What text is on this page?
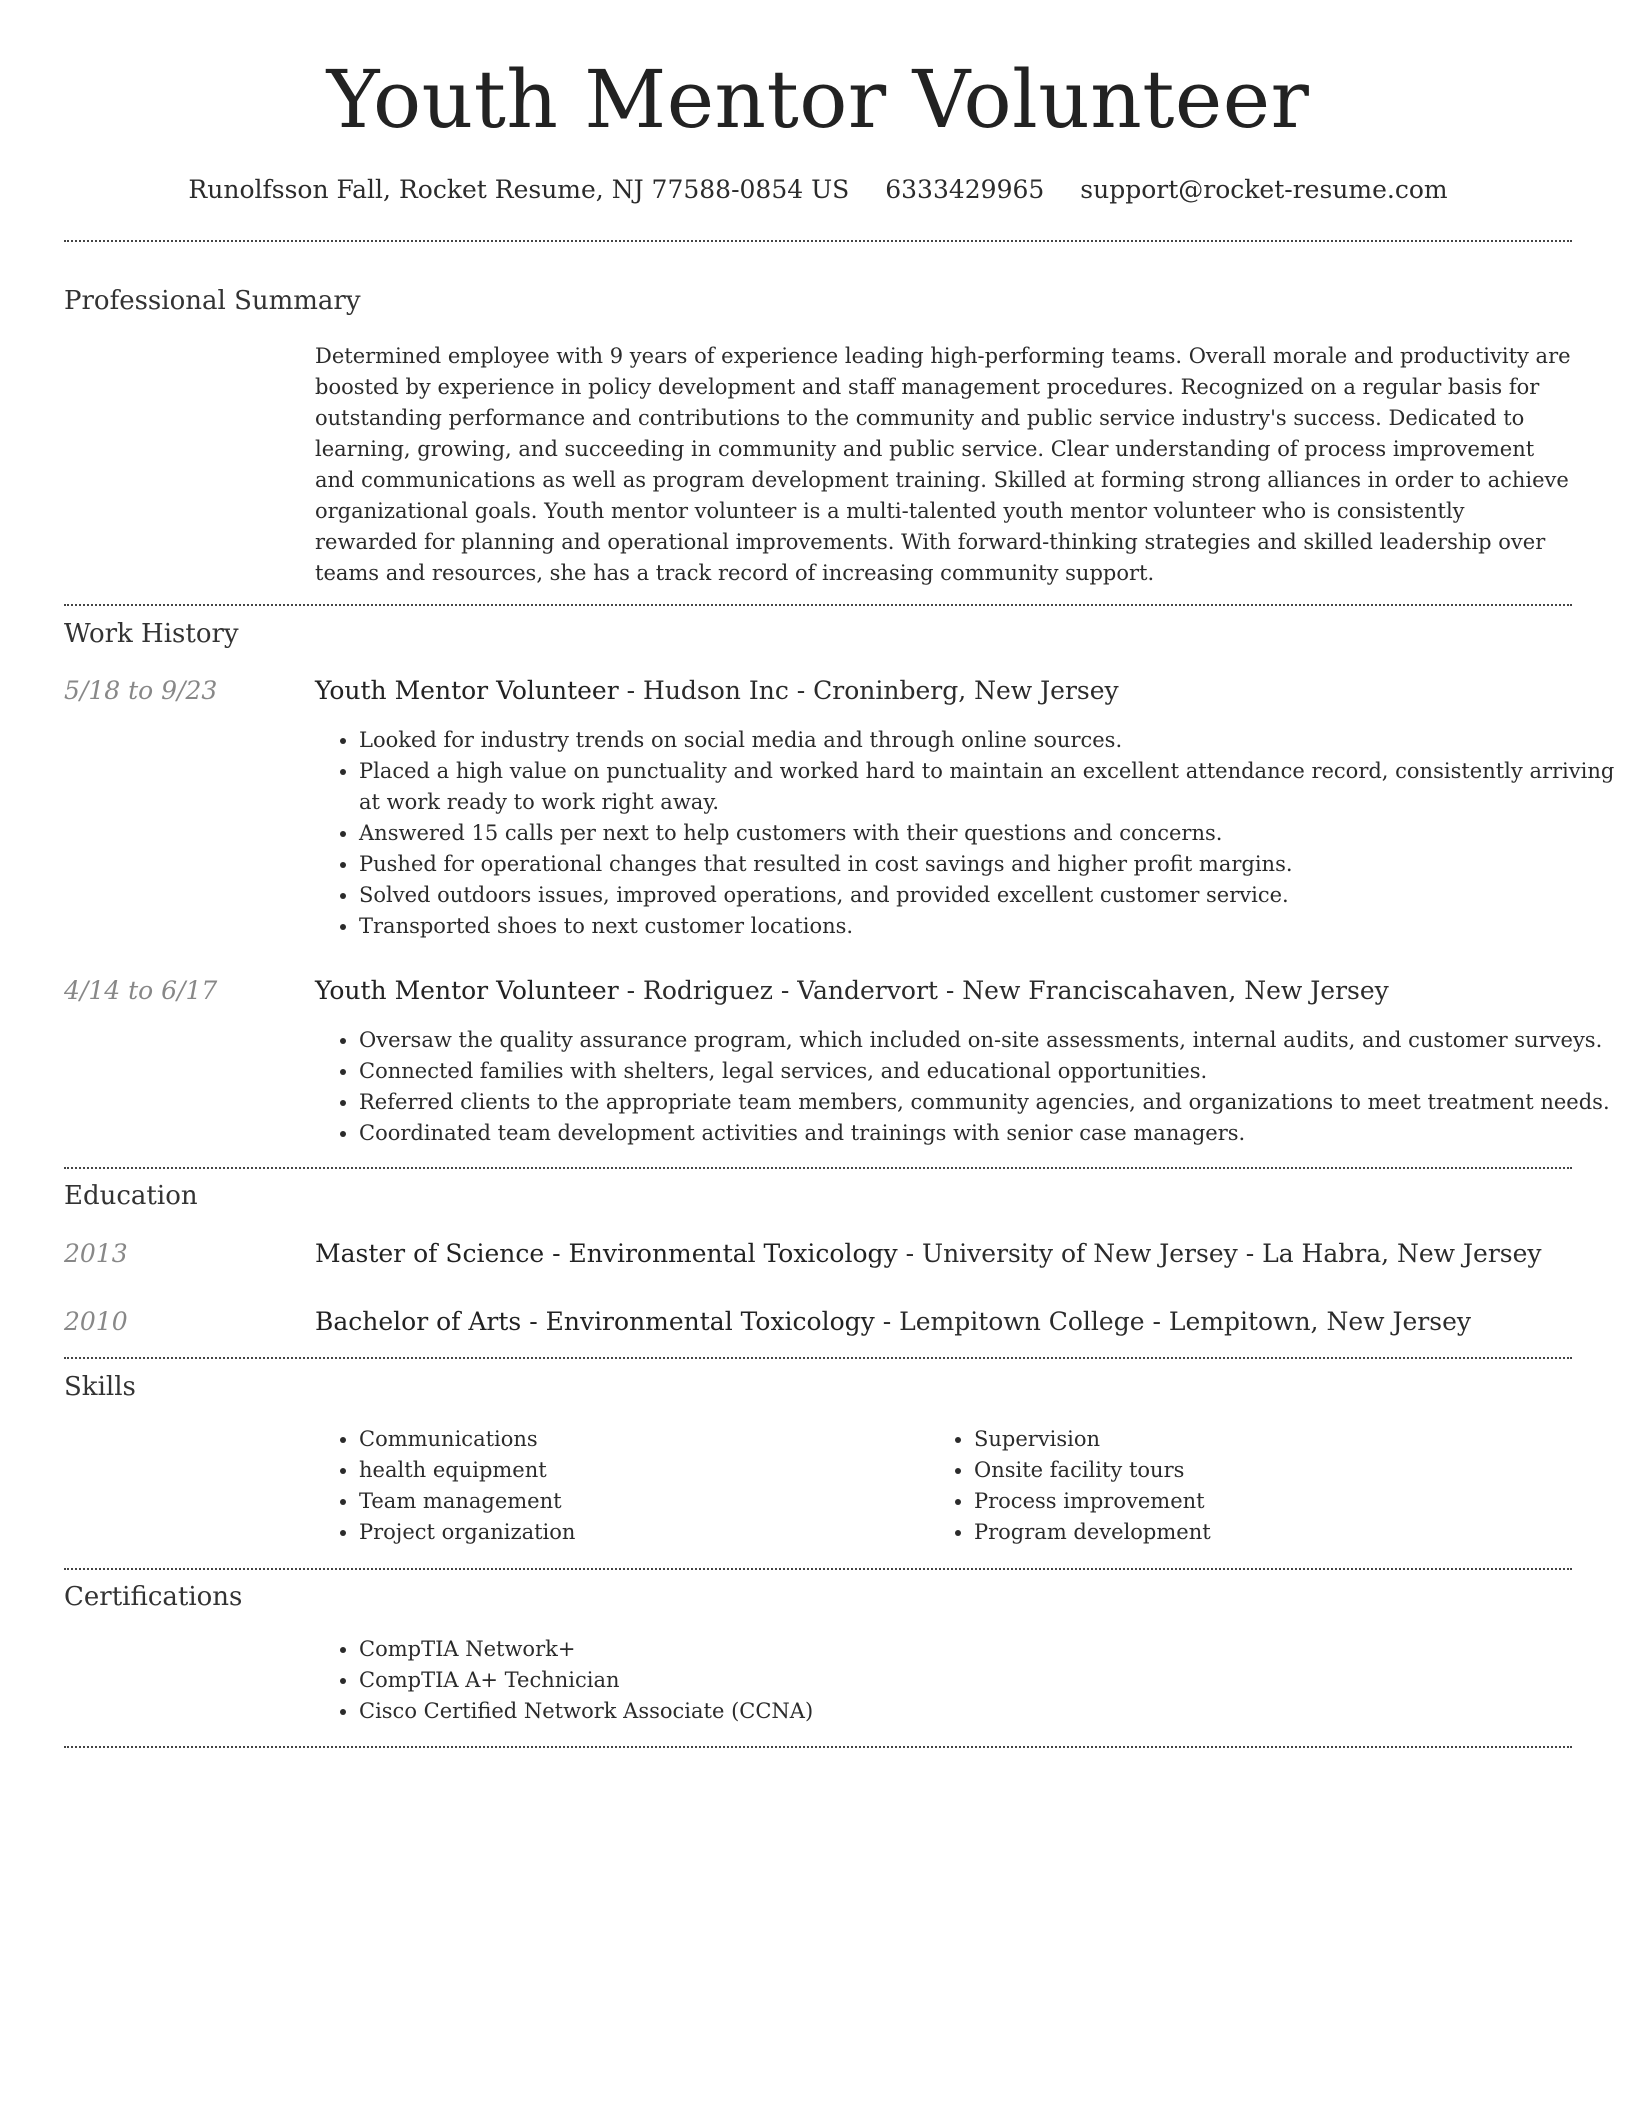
Youth Mentor Volunteer
Runolfsson Fall, Rocket Resume, NJ 77588-0854 US 6333429965 support@rocket-resume.com
Professional Summary

Determined employee with 9 years of experience leading high-performing teams. Overall morale and productivity are boosted by experience in policy development and staff management procedures. Recognized on a regular basis for outstanding performance and contributions to the community and public service industry's success. Dedicated to learning, growing, and succeeding in community and public service. Clear understanding of process improvement and communications as well as program development training. Skilled at forming strong alliances in order to achieve organizational goals. Youth mentor volunteer is a multi-talented youth mentor volunteer who is consistently rewarded for planning and operational improvements. With forward-thinking strategies and skilled leadership over teams and resources, she has a track record of increasing community support.

Work History
5/18 to 9/23	Youth Mentor Volunteer - Hudson Inc - Croninberg, New Jersey
• Looked for industry trends on social media and through online sources.
• Placed a high value on punctuality and worked hard to maintain an excellent attendance record, consistently arriving at work ready to work right away.
• Answered 15 calls per next to help customers with their questions and concerns.
• Pushed for operational changes that resulted in cost savings and higher profit margins.
• Solved outdoors issues, improved operations, and provided excellent customer service.
• Transported shoes to next customer locations.
4/14 to 6/17	Youth Mentor Volunteer - Rodriguez - Vandervort - New Franciscahaven, New Jersey
• Oversaw the quality assurance program, which included on-site assessments, internal audits, and customer surveys.
• Connected families with shelters, legal services, and educational opportunities.
• Referred clients to the appropriate team members, community agencies, and organizations to meet treatment needs.
• Coordinated team development activities and trainings with senior case managers.
Education
2013	Master of Science - Environmental Toxicology - University of New Jersey - La Habra, New Jersey
2010	Bachelor of Arts - Environmental Toxicology - Lempitown College - Lempitown, New Jersey
Skills
• Communications
• health equipment
• Team management
• Project organization
• Supervision
• Onsite facility tours
• Process improvement
• Program development
Certifications
• CompTIA Network+
• CompTIA A+ Technician
• Cisco Certified Network Associate (CCNA)
